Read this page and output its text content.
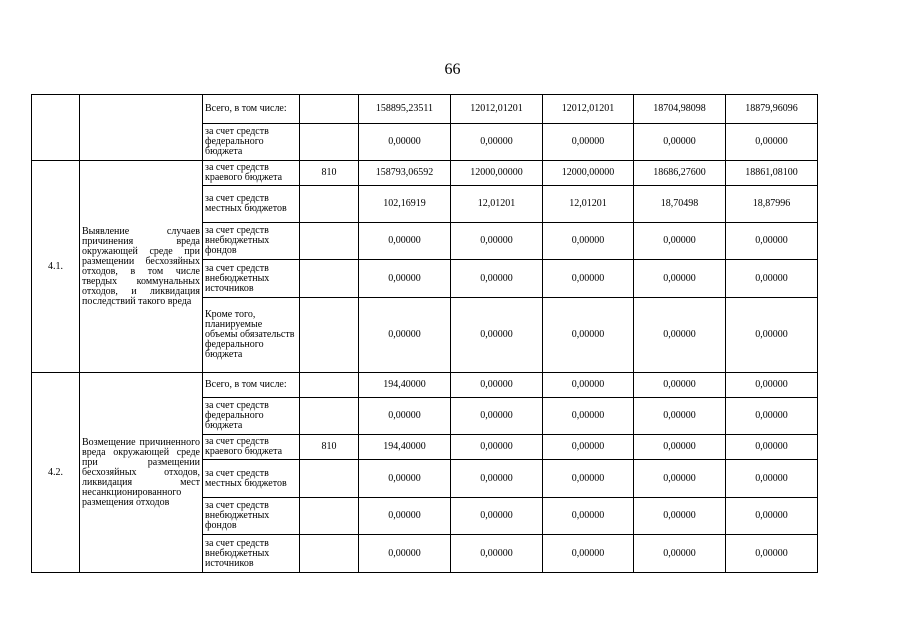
66
		Всего, в том числе:		158895,23511	12012,01201	12012,01201	18704,98098	18879,96096
		за счет средств федерального бюджета		0,00000	0,00000	0,00000	0,00000	0,00000
4.1.	Выявление случаев причинения вреда окружающей среде при размещении бесхозяйных отходов, в том числе твердых коммунальных отходов, и ликвидация последствий такого вреда	за счет средств краевого бюджета	810	158793,06592	12000,00000	12000,00000	18686,27600	18861,08100
		за счет средств местных бюджетов		102,16919	12,01201	12,01201	18,70498	18,87996
		за счет средств внебюджетных фондов		0,00000	0,00000	0,00000	0,00000	0,00000
		за счет средств внебюджетных источников		0,00000	0,00000	0,00000	0,00000	0,00000
		Кроме того, планируемые объемы обязательств федерального бюджета		0,00000	0,00000	0,00000	0,00000	0,00000
4.2.	Возмещение причиненного вреда окружающей среде при размещении бесхозяйных отходов, ликвидация мест несанкционированного размещения отходов	Всего, в том числе:		194,40000	0,00000	0,00000	0,00000	0,00000
		за счет средств федерального бюджета		0,00000	0,00000	0,00000	0,00000	0,00000
		за счет средств краевого бюджета	810	194,40000	0,00000	0,00000	0,00000	0,00000
		за счет средств местных бюджетов		0,00000	0,00000	0,00000	0,00000	0,00000
		за счет средств внебюджетных фондов		0,00000	0,00000	0,00000	0,00000	0,00000
		за счет средств внебюджетных источников		0,00000	0,00000	0,00000	0,00000	0,00000
